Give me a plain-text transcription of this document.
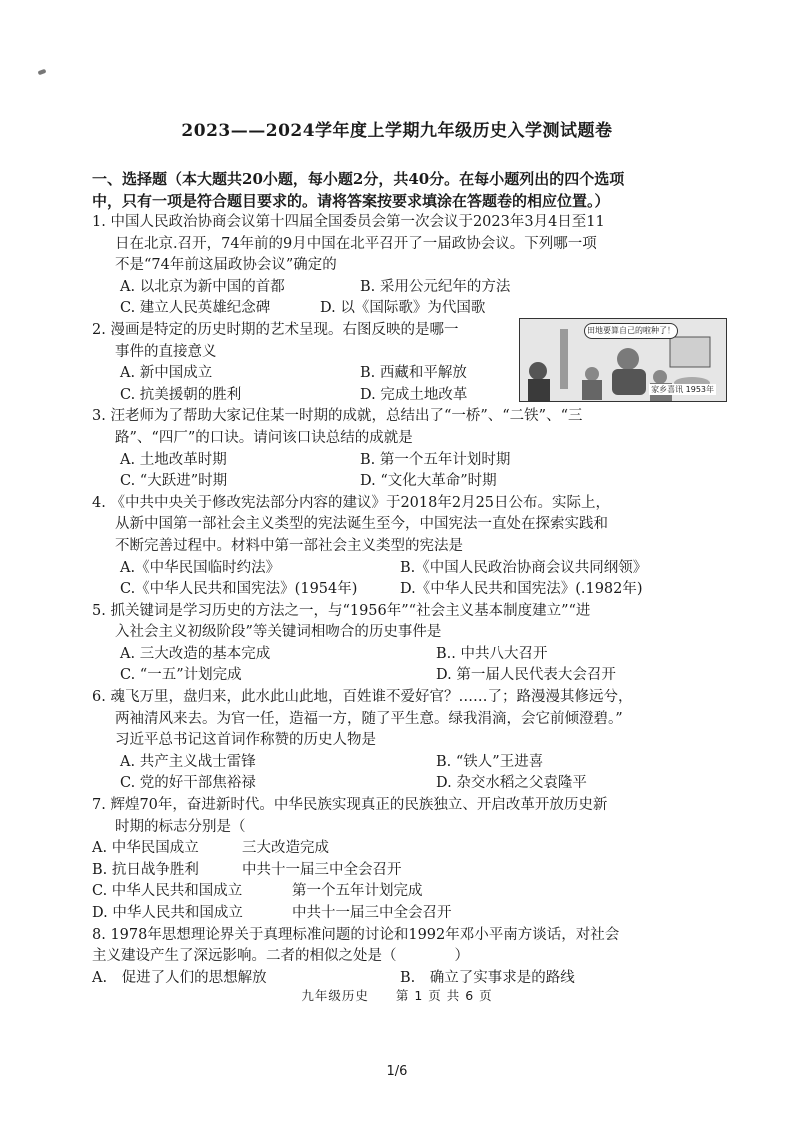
2023——2024学年度上学期九年级历史入学测试题卷
一、选择题（本大题共20小题，每小题2分，共40分。在每小题列出的四个选项
中，只有一项是符合题目要求的。请将答案按要求填涂在答题卷的相应位置。）
田地要算自己的啦种了！
家乡喜讯 1953年
1. 中国人民政治协商会议第十四届全国委员会第一次会议于2023年3月4日至11
日在北京.召开，74年前的9月中国在北平召开了一届政协会议。下列哪一项
不是“74年前这届政协会议”确定的
A. 以北京为新中国的首都	B. 采用公元纪年的方法
C. 建立人民英雄纪念碑	D. 以《国际歌》为代国歌
2. 漫画是特定的历史时期的艺术呈现。右图反映的是哪一
事件的直接意义
A. 新中国成立	B. 西藏和平解放
C. 抗美援朝的胜利	D. 完成土地改革
3. 汪老师为了帮助大家记住某一时期的成就，总结出了“一桥”、“二铁”、“三
路”、“四厂”的口诀。请问该口诀总结的成就是
A. 土地改革时期	B. 第一个五年计划时期
C. “大跃进”时期	D. “文化大革命”时期
4. 《中共中央关于修改宪法部分内容的建议》于2018年2月25日公布。实际上，
从新中国第一部社会主义类型的宪法诞生至今，中国宪法一直处在探索实践和
不断完善过程中。材料中第一部社会主义类型的宪法是
A.《中华民国临时约法》	B.《中国人民政治协商会议共同纲领》
C.《中华人民共和国宪法》(1954年)	D.《中华人民共和国宪法》(.1982年)
5. 抓关键词是学习历史的方法之一，与“1956年”“社会主义基本制度建立”“进
入社会主义初级阶段”等关键词相吻合的历史事件是
A. 三大改造的基本完成	B.. 中共八大召开
C. “一五”计划完成	D. 第一届人民代表大会召开
6. 魂飞万里，盘归来，此水此山此地，百姓谁不爱好官？……了；路漫漫其修远兮，
两袖清风来去。为官一任，造福一方，随了平生意。绿我涓滴，会它前倾澄碧。”
习近平总书记这首词作称赞的历史人物是
A. 共产主义战士雷锋	B. “铁人”王进喜
C. 党的好干部焦裕禄	D. 杂交水稻之父袁隆平
7. 辉煌70年，奋进新时代。中华民族实现真正的民族独立、开启改革开放历史新
时期的标志分别是（
A. 中华民国成立	三大改造完成
B. 抗日战争胜利	中共十一届三中全会召开
C. 中华人民共和国成立	第一个五年计划完成
D. 中华人民共和国成立	中共十一届三中全会召开
8. 1978年思想理论界关于真理标准问题的讨论和1992年邓小平南方谈话，对社会
主义建设产生了深远影响。二者的相似之处是（　　　　）
A.　促进了人们的思想解放	B.　确立了实事求是的路线
九年级历史　　第 1 页 共 6 页
1/6
